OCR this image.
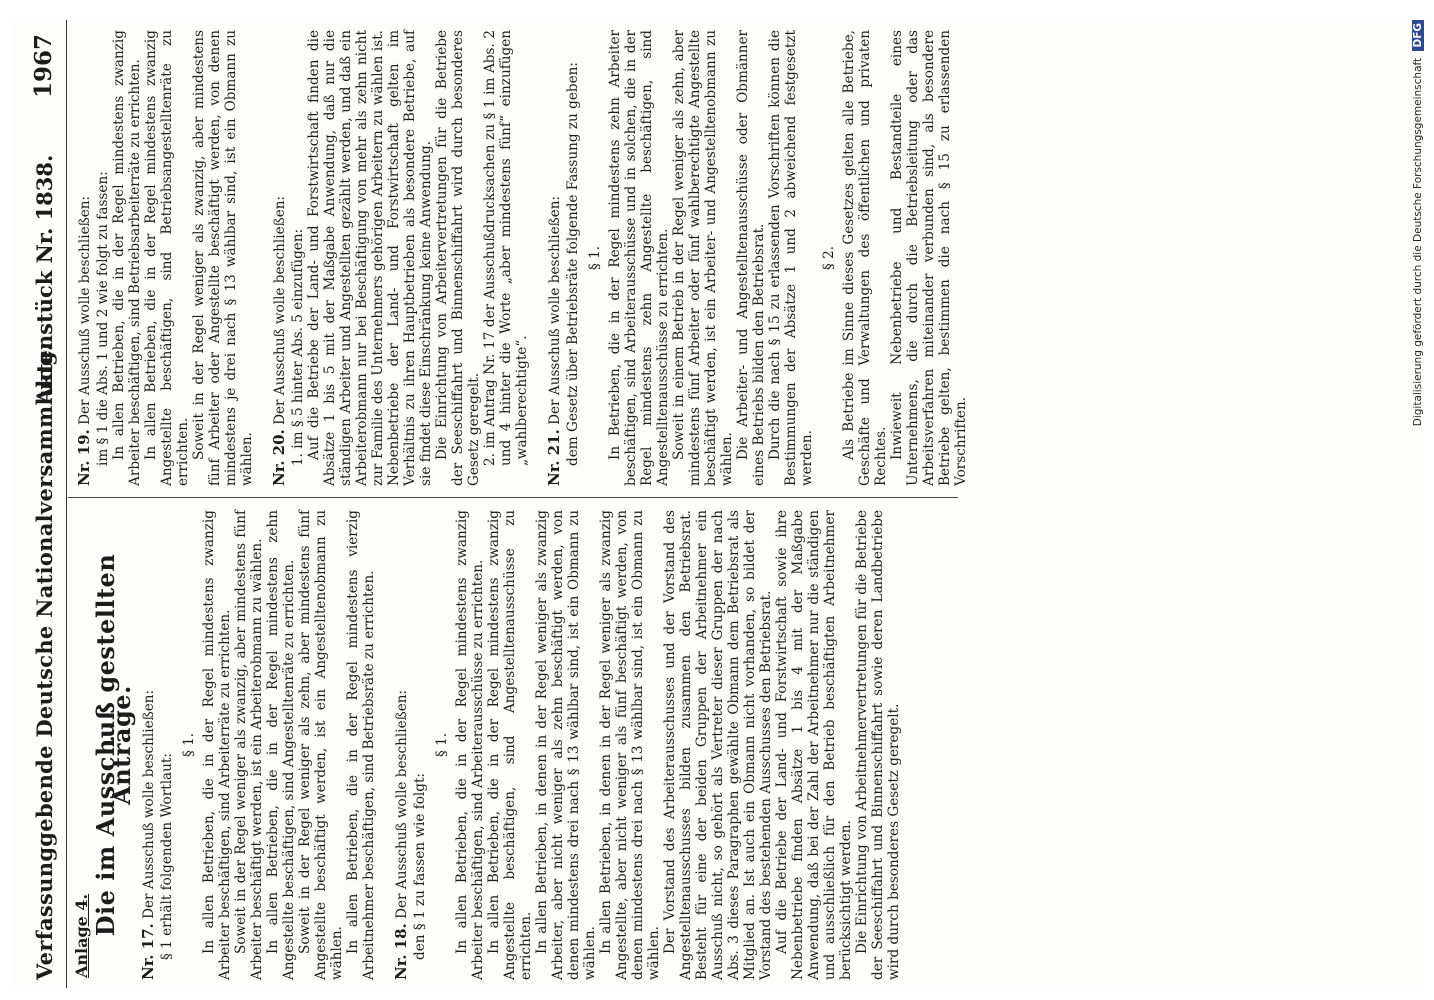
Verfassunggebende Deutsche Nationalversammlung.
Aktenstück Nr. 1838.
1967
Anlage 4. Die im Ausschuß gestellten Anträge.

Nr. 17. Der Ausschuß wolle beschließen: § 1 erhält folgenden Wortlaut:

§ 1. In allen Betrieben, die in der Regel mindestens zwanzig Arbeiter beschäftigen, sind Arbeiterräte zu errichten. Soweit in der Regel weniger als zwanzig, aber mindestens fünf Arbeiter beschäftigt werden, ist ein Arbeiterobmann zu wählen. In allen Betrieben, die in der Regel mindestens zehn Angestellte beschäftigen, sind Angestelltenräte zu errichten. Soweit in der Regel weniger als zehn, aber mindestens fünf Angestellte beschäftigt werden, ist ein Angestelltenobmann zu wählen. In allen Betrieben, die in der Regel mindestens vierzig Arbeitnehmer beschäftigen, sind Betriebsräte zu errichten. Nr. 18. Der Ausschuß wolle beschließen: den § 1 zu fassen wie folgt:

§ 1. In allen Betrieben, die in der Regel mindestens zwanzig Arbeiter beschäftigen, sind Arbeiterausschüsse zu errichten. In allen Betrieben, die in der Regel mindestens zwanzig Angestellte beschäftigen, sind Angestelltenausschüsse zu errichten. In allen Betrieben, in denen in der Regel weniger als zwanzig Arbeiter, aber nicht weniger als zehn beschäftigt werden, von denen mindestens drei nach § 13 wählbar sind, ist ein Obmann zu wählen. In allen Betrieben, in denen in der Regel weniger als zwanzig Angestellte, aber nicht weniger als fünf beschäftigt werden, von denen mindestens drei nach § 13 wählbar sind, ist ein Obmann zu wählen. Der Vorstand des Arbeiterausschusses und der Vorstand des Angestelltenausschusses bilden zusammen den Betriebsrat. Besteht für eine der beiden Gruppen der Arbeitnehmer ein Ausschuß nicht, so gehört als Vertreter dieser Gruppen der nach Abs. 3 dieses Paragraphen gewählte Obmann dem Betriebsrat als Mitglied an. Ist auch ein Obmann nicht vorhanden, so bildet der Vorstand des bestehenden Ausschusses den Betriebsrat. Auf die Betriebe der Land- und Forstwirtschaft sowie ihre Nebenbetriebe finden Absätze 1 bis 4 mit der Maßgabe Anwendung, daß bei der Zahl der Arbeitnehmer nur die ständigen und ausschließlich für den Betrieb beschäftigten Arbeitnehmer berücksichtigt werden. Die Einrichtung von Arbeitnehmervertretungen für die Betriebe der Seeschiffahrt und Binnenschiffahrt sowie deren Landbetriebe wird durch besonderes Gesetz geregelt.

Nr. 19. Der Ausschuß wolle beschließen: im § 1 die Abs. 1 und 2 wie folgt zu fassen: In allen Betrieben, die in der Regel mindestens zwanzig Arbeiter beschäftigen, sind Betriebsarbeiterräte zu errichten. In allen Betrieben, die in der Regel mindestens zwanzig Angestellte beschäftigen, sind Betriebsangestelltenräte zu errichten. Soweit in der Regel weniger als zwanzig, aber mindestens fünf Arbeiter oder Angestellte beschäftigt werden, von denen mindestens je drei nach § 13 wählbar sind, ist ein Obmann zu wählen. Nr. 20. Der Ausschuß wolle beschließen: 1. im § 5 hinter Abs. 5 einzufügen: Auf die Betriebe der Land- und Forstwirtschaft finden die Absätze 1 bis 5 mit der Maßgabe Anwendung, daß nur die ständigen Arbeiter und Angestellten gezählt werden, und daß ein Arbeiterobmann nur bei Beschäftigung von mehr als zehn nicht zur Familie des Unternehmers gehörigen Arbeitern zu wählen ist. Nebenbetriebe der Land- und Forstwirtschaft gelten im Verhältnis zu ihren Hauptbetrieben als besondere Betriebe, auf sie findet diese Einschränkung keine Anwendung. Die Einrichtung von Arbeitervertretungen für die Betriebe der Seeschiffahrt und Binnenschiffahrt wird durch besonderes Gesetz geregelt. 2. im Antrag Nr. 17 der Ausschußdrucksachen zu § 1 im Abs. 2 und 4 hinter die Worte „aber mindestens fünf“ einzufügen „wahlberechtigte“. Nr. 21. Der Ausschuß wolle beschließen: dem Gesetz über Betriebsräte folgende Fassung zu geben: § 1. In Betrieben, die in der Regel mindestens zehn Arbeiter beschäftigen, sind Arbeiterausschüsse und in solchen, die in der Regel mindestens zehn Angestellte beschäftigen, sind Angestelltenausschüsse zu errichten. Soweit in einem Betrieb in der Regel weniger als zehn, aber mindestens fünf Arbeiter oder fünf wahlberechtigte Angestellte beschäftigt werden, ist ein Arbeiter- und Angestelltenobmann zu wählen. Die Arbeiter- und Angestelltenausschüsse oder Obmänner eines Betriebs bilden den Betriebsrat. Durch die nach § 15 zu erlassenden Vorschriften können die Bestimmungen der Absätze 1 und 2 abweichend festgesetzt werden.

§ 2. Als Betriebe im Sinne dieses Gesetzes gelten alle Betriebe, Geschäfte und Verwaltungen des öffentlichen und privaten Rechtes. Inwieweit Nebenbetriebe und Bestandteile eines Unternehmens, die durch die Betriebsleitung oder das Arbeitsverfahren miteinander verbunden sind, als besondere Betriebe gelten, bestimmen die nach § 15 zu erlassenden Vorschriften.

Digitalisierung gefördert durch die Deutsche Forschungsgemeinschaft DFG
